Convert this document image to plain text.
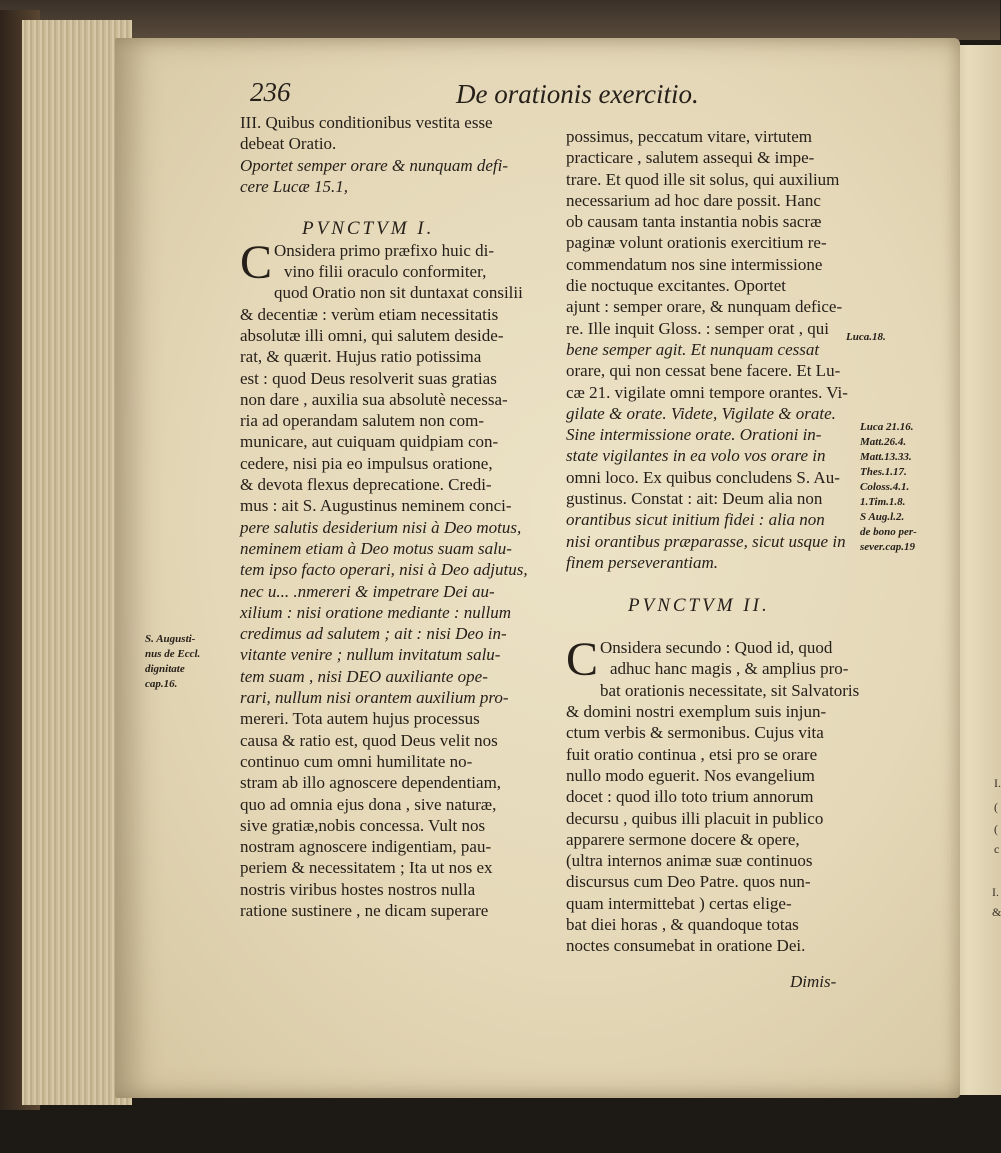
236	De orationis exercitio.
III. Quibus conditionibus vestita esse
debeat Oratio.
Oportet semper orare & nunquam defi-
cere Lucæ 15.1,
PVNCTVM I.
C Onsidera primo præfixo huic di-
vino filii oraculo conformiter,
quod Oratio non sit duntaxat consilii
& decentiæ : verùm etiam necessitatis
absolutæ illi omni, qui salutem deside-
rat, & quærit. Hujus ratio potissima
est : quod Deus resolverit suas gratias
non dare , auxilia sua absolutè necessa-
ria ad operandam salutem non com-
municare, aut cuiquam quidpiam con-
cedere, nisi pia eo impulsus oratione,
& devota flexus deprecatione. Credi-
mus : ait S. Augustinus neminem conci-
pere salutis desiderium nisi à Deo motus,
neminem etiam à Deo motus suam salu-
tem ipso facto operari, nisi à Deo adjutus,
nec u... .nmereri & impetrare Dei au-
xilium : nisi oratione mediante : nullum
credimus ad salutem ; ait : nisi Deo in-
vitante venire ; nullum invitatum salu-
tem suam , nisi DEO auxiliante ope-
rari, nullum nisi orantem auxilium pro-
mereri. Tota autem hujus processus
causa & ratio est, quod Deus velit nos
continuo cum omni humilitate no-
stram ab illo agnoscere dependentiam,
quo ad omnia ejus dona , sive naturæ,
sive gratiæ,nobis concessa. Vult nos
nostram agnoscere indigentiam, pau-
periem & necessitatem ; Ita ut nos ex
nostris viribus hostes nostros nulla
ratione sustinere , ne dicam superare
possimus, peccatum vitare, virtutem
practicare , salutem assequi & impe-
trare. Et quod ille sit solus, qui auxilium
necessarium ad hoc dare possit. Hanc
ob causam tanta instantia nobis sacræ
paginæ volunt orationis exercitium re-
commendatum nos sine intermissione
die noctuque excitantes. Oportet
ajunt : semper orare, & nunquam defice-
re. Ille inquit Gloss. : semper orat , qui
bene semper agit. Et nunquam cessat
orare, qui non cessat bene facere. Et Lu-
cæ 21. vigilate omni tempore orantes. Vi-
gilate & orate. Videte, Vigilate & orate.
Sine intermissione orate. Orationi in-
state vigilantes in ea volo vos orare in
omni loco. Ex quibus concludens S. Au-
gustinus. Constat : ait: Deum alia non
orantibus sicut initium fidei : alia non
nisi orantibus præparasse, sicut usque in
finem perseverantiam.
PVNCTVM II.
C Onsidera secundo : Quod id, quod
adhuc hanc magis , & amplius pro-
bat orationis necessitate, sit Salvatoris
& domini nostri exemplum suis injun-
ctum verbis & sermonibus. Cujus vita
fuit oratio continua , etsi pro se orare
nullo modo eguerit. Nos evangelium
docet : quod illo toto trium annorum
decursu , quibus illi placuit in publico
apparere sermone docere & opere,
(ultra internos animæ suæ continuos
discursus cum Deo Patre. quos nun-
quam intermittebat ) certas elige-
bat diei horas , & quandoque totas
noctes consumebat in oratione Dei.
S. Augusti-
nus de Eccl.
dignitate
cap.16.
Luca.18.
Luca 21.16.
Matt.26.4.
Matt.13.33.
Thes.1.17.
Coloss.4.1.
1.Tim.1.8.
S Aug.l.2.
de bono per-
sever.cap.19
Dimis-
I.
(
(
c
I.
&
